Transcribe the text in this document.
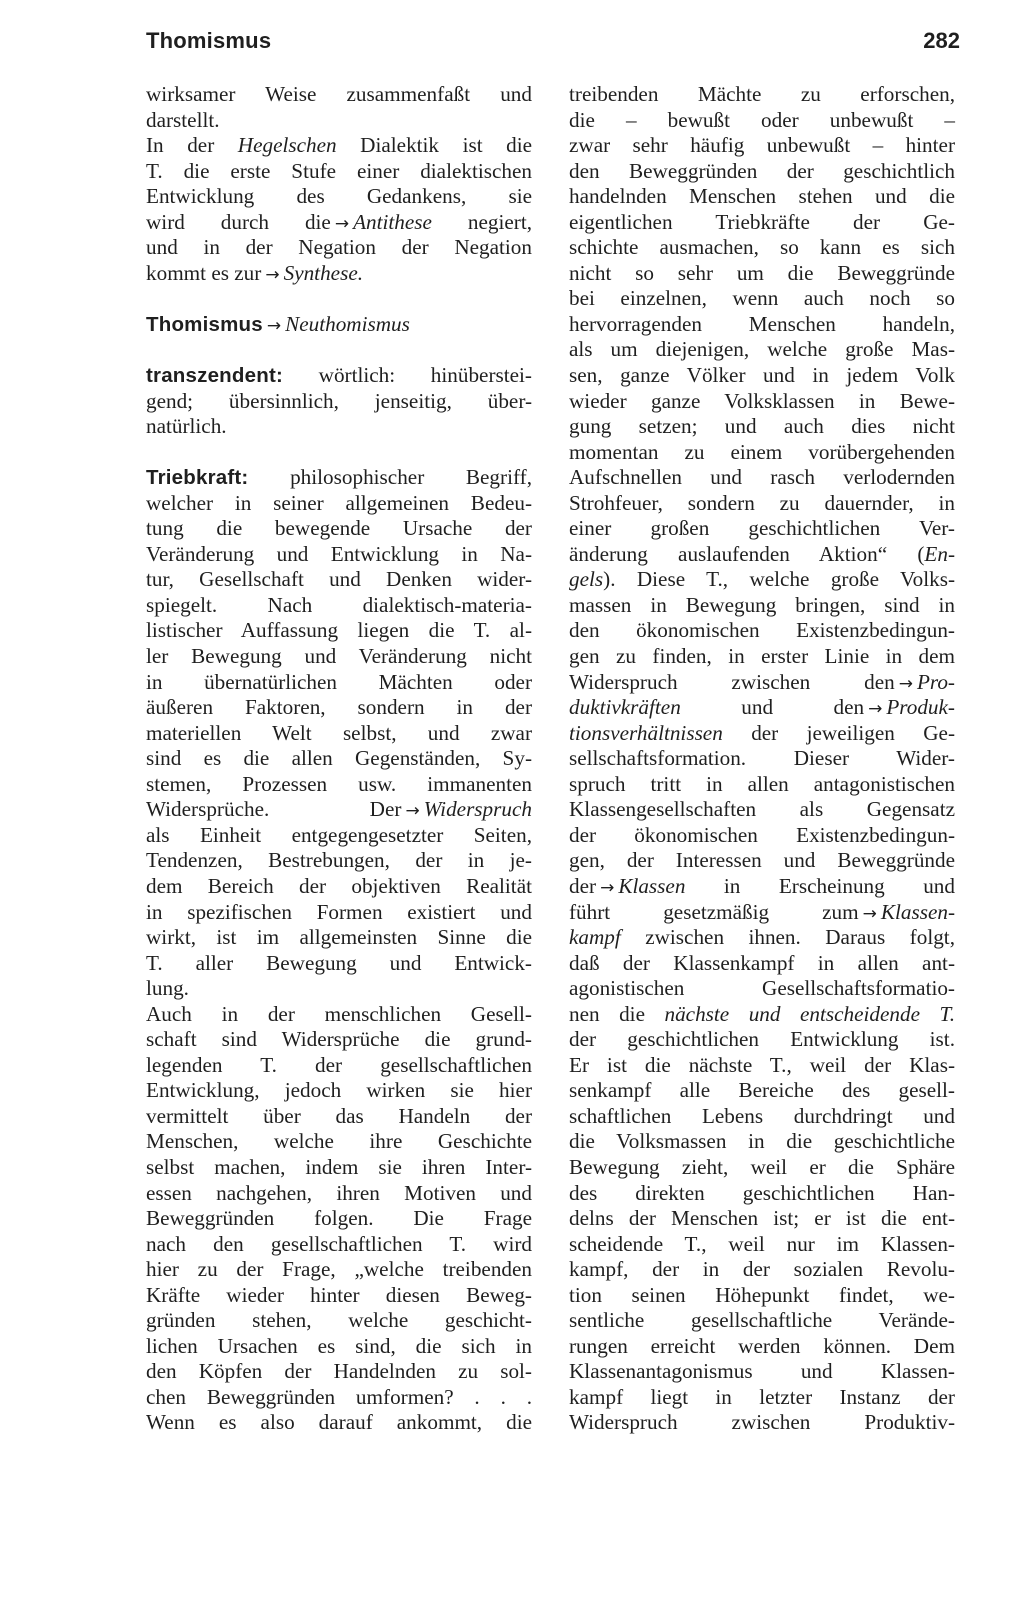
Thomismus	282
wirksamer Weise zusammenfaßt und
darstellt.
In der Hegelschen Dialektik ist die
T. die erste Stufe einer dialektischen
Entwicklung des Gedankens, sie
wird durch die → Antithese negiert,
und in der Negation der Negation
kommt es zur → Synthese.
Thomismus → Neuthomismus
transzendent: wörtlich: hinüberstei-
gend; übersinnlich, jenseitig, über-
natürlich.
Triebkraft: philosophischer Begriff,
welcher in seiner allgemeinen Bedeu-
tung die bewegende Ursache der
Veränderung und Entwicklung in Na-
tur, Gesellschaft und Denken wider-
spiegelt. Nach dialektisch-materia-
listischer Auffassung liegen die T. al-
ler Bewegung und Veränderung nicht
in übernatürlichen Mächten oder
äußeren Faktoren, sondern in der
materiellen Welt selbst, und zwar
sind es die allen Gegenständen, Sy-
stemen, Prozessen usw. immanenten
Widersprüche. Der → Widerspruch
als Einheit entgegengesetzter Seiten,
Tendenzen, Bestrebungen, der in je-
dem Bereich der objektiven Realität
in spezifischen Formen existiert und
wirkt, ist im allgemeinsten Sinne die
T. aller Bewegung und Entwick-
lung.
Auch in der menschlichen Gesell-
schaft sind Widersprüche die grund-
legenden T. der gesellschaftlichen
Entwicklung, jedoch wirken sie hier
vermittelt über das Handeln der
Menschen, welche ihre Geschichte
selbst machen, indem sie ihren Inter-
essen nachgehen, ihren Motiven und
Beweggründen folgen. Die Frage
nach den gesellschaftlichen T. wird
hier zu der Frage, „welche treibenden
Kräfte wieder hinter diesen Beweg-
gründen stehen, welche geschicht-
lichen Ursachen es sind, die sich in
den Köpfen der Handelnden zu sol-
chen Beweggründen umformen? . . .
Wenn es also darauf ankommt, die
treibenden Mächte zu erforschen,
die – bewußt oder unbewußt –
zwar sehr häufig unbewußt – hinter
den Beweggründen der geschichtlich
handelnden Menschen stehen und die
eigentlichen Triebkräfte der Ge-
schichte ausmachen, so kann es sich
nicht so sehr um die Beweggründe
bei einzelnen, wenn auch noch so
hervorragenden Menschen handeln,
als um diejenigen, welche große Mas-
sen, ganze Völker und in jedem Volk
wieder ganze Volksklassen in Bewe-
gung setzen; und auch dies nicht
momentan zu einem vorübergehenden
Aufschnellen und rasch verlodernden
Strohfeuer, sondern zu dauernder, in
einer großen geschichtlichen Ver-
änderung auslaufenden Aktion“ (En-
gels). Diese T., welche große Volks-
massen in Bewegung bringen, sind in
den ökonomischen Existenzbedingun-
gen zu finden, in erster Linie in dem
Widerspruch zwischen den → Pro-
duktivkräften und den → Produk-
tionsverhältnissen der jeweiligen Ge-
sellschaftsformation. Dieser Wider-
spruch tritt in allen antagonistischen
Klassengesellschaften als Gegensatz
der ökonomischen Existenzbedingun-
gen, der Interessen und Beweggründe
der → Klassen in Erscheinung und
führt gesetzmäßig zum → Klassen-
kampf zwischen ihnen. Daraus folgt,
daß der Klassenkampf in allen ant-
agonistischen Gesellschaftsformatio-
nen die nächste und entscheidende T.
der geschichtlichen Entwicklung ist.
Er ist die nächste T., weil der Klas-
senkampf alle Bereiche des gesell-
schaftlichen Lebens durchdringt und
die Volksmassen in die geschichtliche
Bewegung zieht, weil er die Sphäre
des direkten geschichtlichen Han-
delns der Menschen ist; er ist die ent-
scheidende T., weil nur im Klassen-
kampf, der in der sozialen Revolu-
tion seinen Höhepunkt findet, we-
sentliche gesellschaftliche Verände-
rungen erreicht werden können. Dem
Klassenantagonismus und Klassen-
kampf liegt in letzter Instanz der
Widerspruch zwischen Produktiv-
